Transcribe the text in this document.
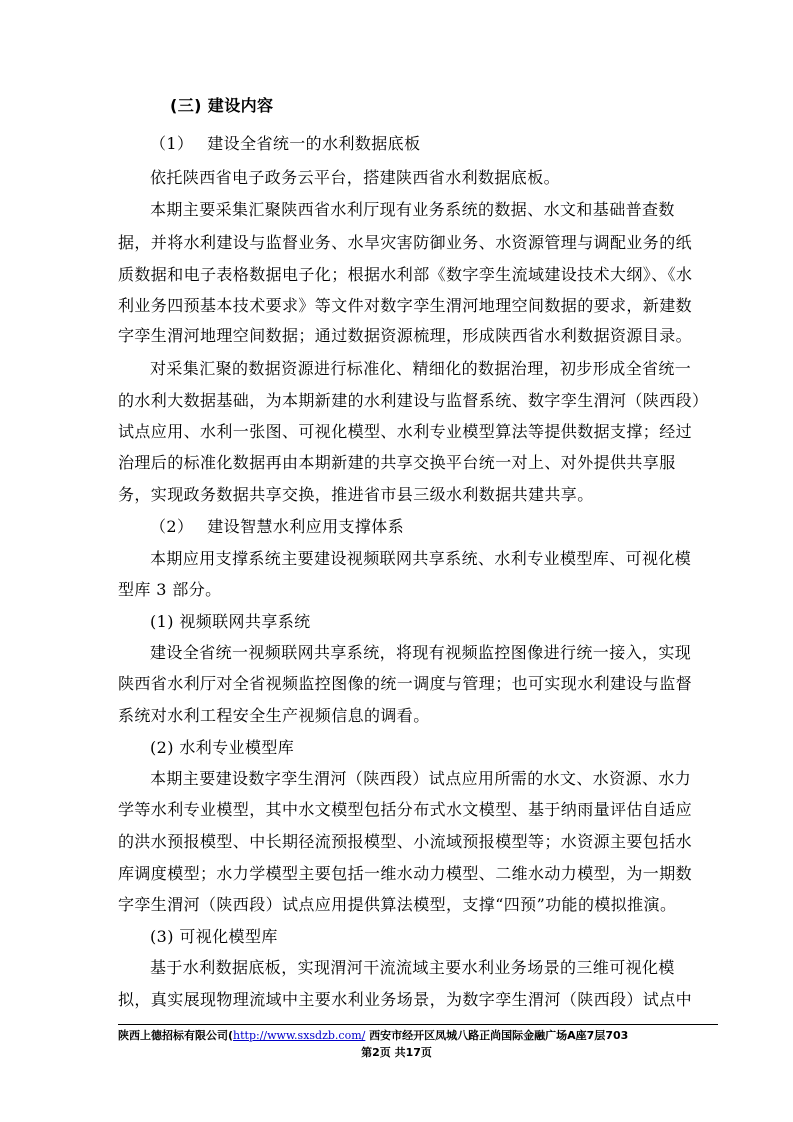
(三) 建设内容
（1）　 建设全省统一的水利数据底板
依托陕西省电子政务云平台，搭建陕西省水利数据底板。
本期主要采集汇聚陕西省水利厅现有业务系统的数据、水文和基础普查数
据，并将水利建设与监督业务、水旱灾害防御业务、水资源管理与调配业务的纸
质数据和电子表格数据电子化；根据水利部《数字孪生流域建设技术大纲》、《水
利业务四预基本技术要求》等文件对数字孪生渭河地理空间数据的要求，新建数
字孪生渭河地理空间数据；通过数据资源梳理，形成陕西省水利数据资源目录。
对采集汇聚的数据资源进行标准化、精细化的数据治理，初步形成全省统一
的水利大数据基础，为本期新建的水利建设与监督系统、数字孪生渭河（陕西段）
试点应用、水利一张图、可视化模型、水利专业模型算法等提供数据支撑；经过
治理后的标准化数据再由本期新建的共享交换平台统一对上、对外提供共享服
务，实现政务数据共享交换，推进省市县三级水利数据共建共享。
（2）　 建设智慧水利应用支撑体系
本期应用支撑系统主要建设视频联网共享系统、水利专业模型库、可视化模
型库 3 部分。
(1) 视频联网共享系统
建设全省统一视频联网共享系统，将现有视频监控图像进行统一接入，实现
陕西省水利厅对全省视频监控图像的统一调度与管理；也可实现水利建设与监督
系统对水利工程安全生产视频信息的调看。
(2) 水利专业模型库
本期主要建设数字孪生渭河（陕西段）试点应用所需的水文、水资源、水力
学等水利专业模型，其中水文模型包括分布式水文模型、基于纳雨量评估自适应
的洪水预报模型、中长期径流预报模型、小流域预报模型等；水资源主要包括水
库调度模型；水力学模型主要包括一维水动力模型、二维水动力模型，为一期数
字孪生渭河（陕西段）试点应用提供算法模型，支撑“四预”功能的模拟推演。
(3) 可视化模型库
基于水利数据底板，实现渭河干流流域主要水利业务场景的三维可视化模
拟，真实展现物理流域中主要水利业务场景，为数字孪生渭河（陕西段）试点中
陕西上德招标有限公司(http://www.sxsdzb.com/ 西安市经开区凤城八路正尚国际金融广场A座7层703
第2页 共17页
